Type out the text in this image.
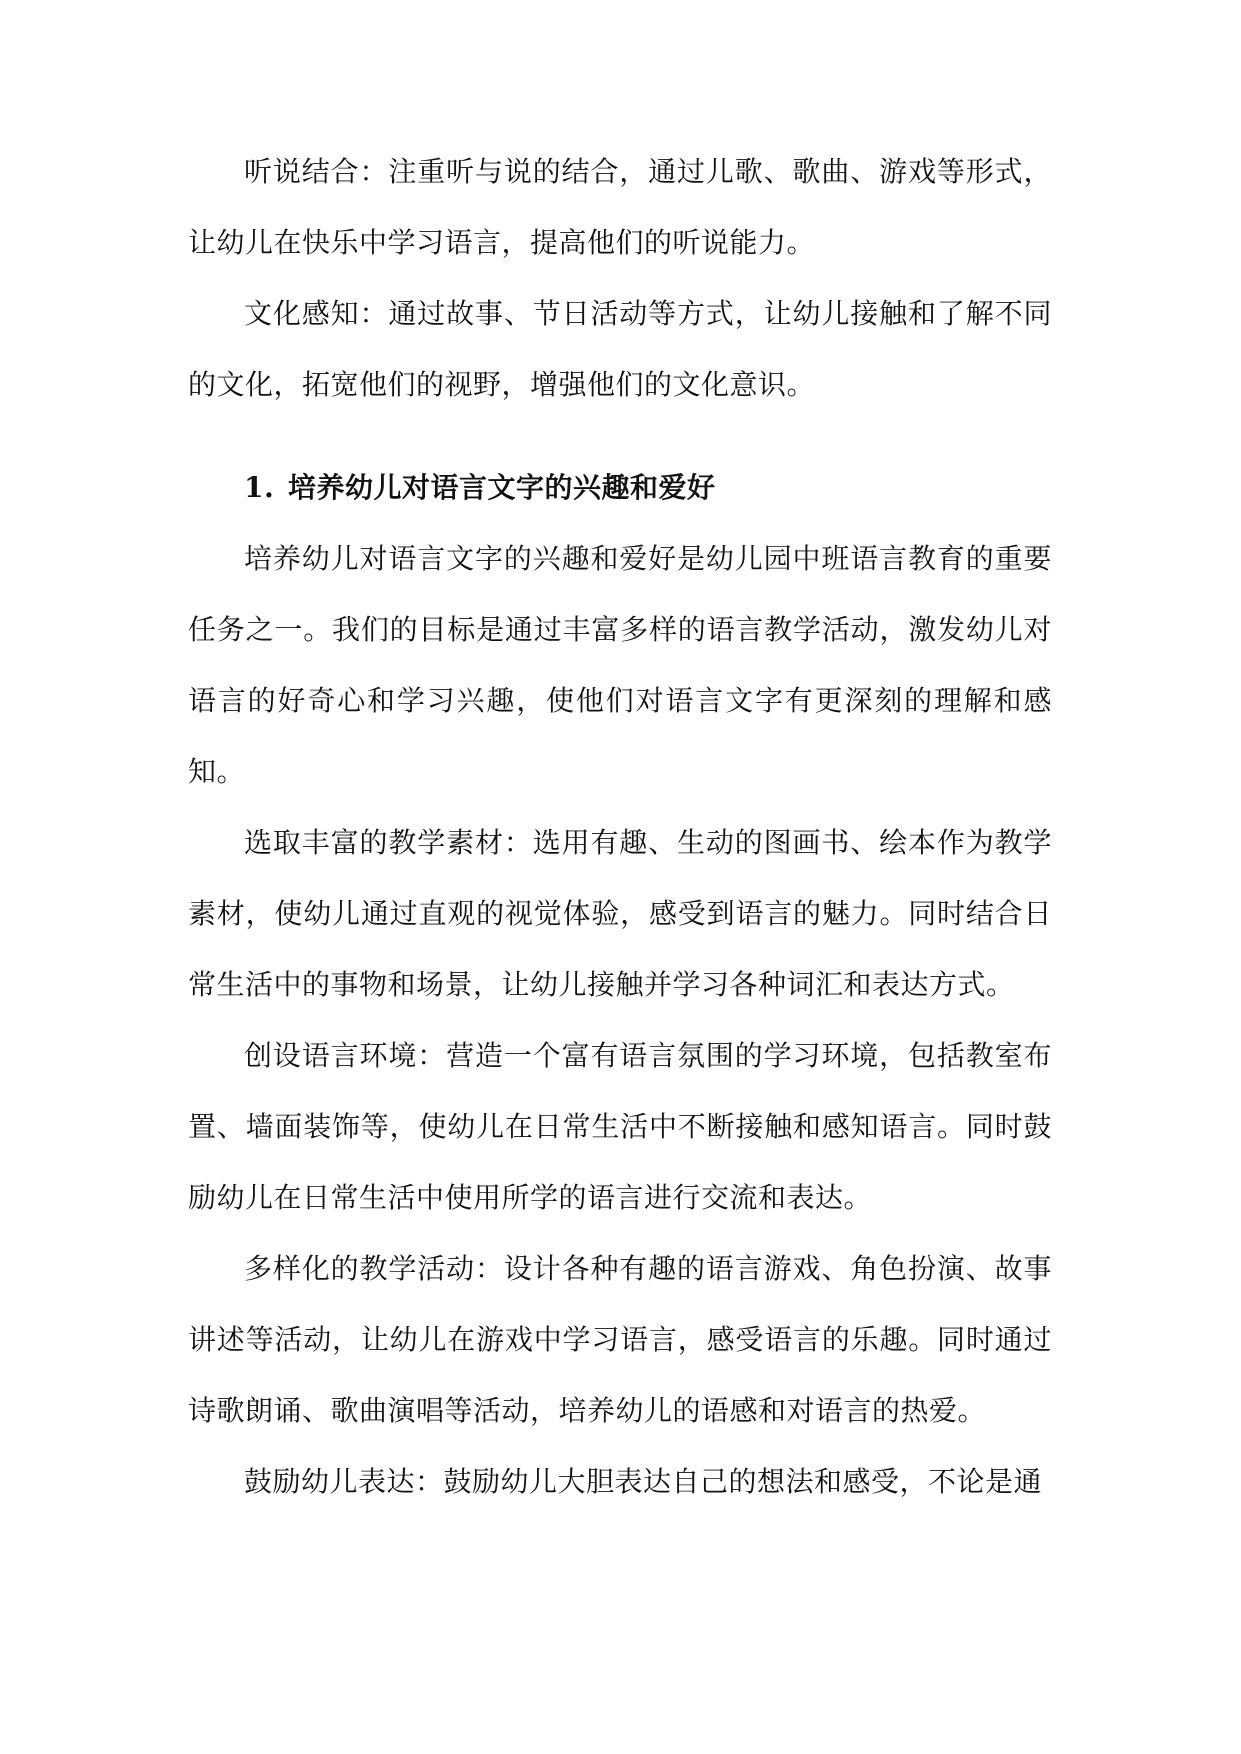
听说结合：注重听与说的结合，通过儿歌、歌曲、游戏等形式，让幼儿在快乐中学习语言，提高他们的听说能力。

文化感知：通过故事、节日活动等方式，让幼儿接触和了解不同的文化，拓宽他们的视野，增强他们的文化意识。

1. 培养幼儿对语言文字的兴趣和爱好

培养幼儿对语言文字的兴趣和爱好是幼儿园中班语言教育的重要任务之一。我们的目标是通过丰富多样的语言教学活动，激发幼儿对语言的好奇心和学习兴趣，使他们对语言文字有更深刻的理解和感知。

选取丰富的教学素材：选用有趣、生动的图画书、绘本作为教学素材，使幼儿通过直观的视觉体验，感受到语言的魅力。同时结合日常生活中的事物和场景，让幼儿接触并学习各种词汇和表达方式。

创设语言环境：营造一个富有语言氛围的学习环境，包括教室布置、墙面装饰等，使幼儿在日常生活中不断接触和感知语言。同时鼓励幼儿在日常生活中使用所学的语言进行交流和表达。

多样化的教学活动：设计各种有趣的语言游戏、角色扮演、故事讲述等活动，让幼儿在游戏中学习语言，感受语言的乐趣。同时通过诗歌朗诵、歌曲演唱等活动，培养幼儿的语感和对语言的热爱。

鼓励幼儿表达：鼓励幼儿大胆表达自己的想法和感受，不论是通
